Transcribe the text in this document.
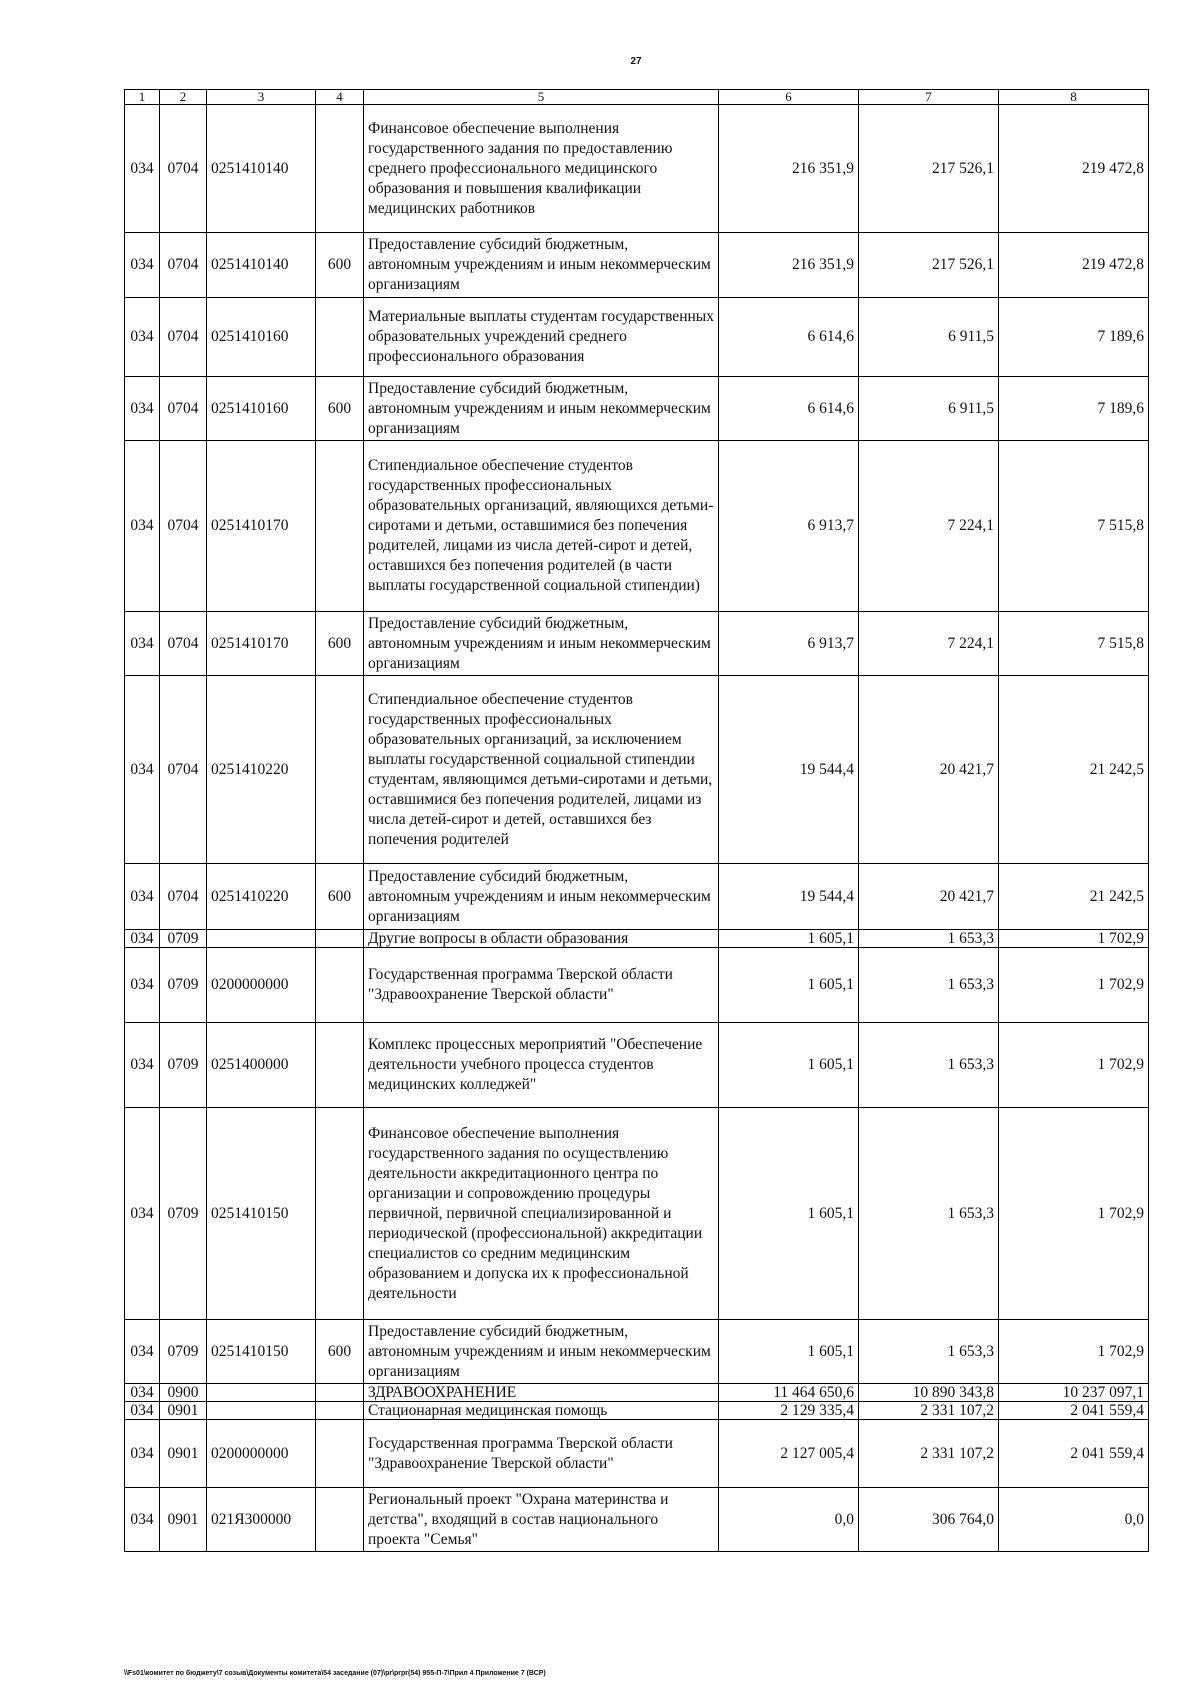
27
1	2	3	4	5	6	7	8
034	0704	0251410140		Финансовое обеспечение выполнения государственного задания по предоставлению среднего профессионального медицинского образования и повышения квалификации медицинских работников	216 351,9	217 526,1	219 472,8
034	0704	0251410140	600	Предоставление субсидий бюджетным, автономным учреждениям и иным некоммерческим организациям	216 351,9	217 526,1	219 472,8
034	0704	0251410160		Материальные выплаты студентам государственных образовательных учреждений среднего профессионального образования	6 614,6	6 911,5	7 189,6
034	0704	0251410160	600	Предоставление субсидий бюджетным, автономным учреждениям и иным некоммерческим организациям	6 614,6	6 911,5	7 189,6
034	0704	0251410170		Стипендиальное обеспечение студентов государственных профессиональных образовательных организаций, являющихся детьми-сиротами и детьми, оставшимися без попечения родителей, лицами из числа детей-сирот и детей, оставшихся без попечения родителей (в части выплаты государственной социальной стипендии)	6 913,7	7 224,1	7 515,8
034	0704	0251410170	600	Предоставление субсидий бюджетным, автономным учреждениям и иным некоммерческим организациям	6 913,7	7 224,1	7 515,8
034	0704	0251410220		Стипендиальное обеспечение студентов государственных профессиональных образовательных организаций, за исключением выплаты государственной социальной стипендии студентам, являющимся детьми-сиротами и детьми, оставшимися без попечения родителей, лицами из числа детей-сирот и детей, оставшихся без попечения родителей	19 544,4	20 421,7	21 242,5
034	0704	0251410220	600	Предоставление субсидий бюджетным, автономным учреждениям и иным некоммерческим организациям	19 544,4	20 421,7	21 242,5
034	0709			Другие вопросы в области образования	1 605,1	1 653,3	1 702,9
034	0709	0200000000		Государственная программа Тверской области "Здравоохранение Тверской области"	1 605,1	1 653,3	1 702,9
034	0709	0251400000		Комплекс процессных мероприятий "Обеспечение деятельности учебного процесса студентов медицинских колледжей"	1 605,1	1 653,3	1 702,9
034	0709	0251410150		Финансовое обеспечение выполнения государственного задания по осуществлению деятельности аккредитационного центра по организации и сопровождению процедуры первичной, первичной специализированной и периодической (профессиональной) аккредитации специалистов со средним медицинским образованием и допуска их к профессиональной деятельности	1 605,1	1 653,3	1 702,9
034	0709	0251410150	600	Предоставление субсидий бюджетным, автономным учреждениям и иным некоммерческим организациям	1 605,1	1 653,3	1 702,9
034	0900			ЗДРАВООХРАНЕНИЕ	11 464 650,6	10 890 343,8	10 237 097,1
034	0901			Стационарная медицинская помощь	2 129 335,4	2 331 107,2	2 041 559,4
034	0901	0200000000		Государственная программа Тверской области "Здравоохранение Тверской области"	2 127 005,4	2 331 107,2	2 041 559,4
034	0901	021Я300000		Региональный проект "Охрана материнства и детства", входящий в состав национального проекта "Семья"	0,0	306 764,0	0,0
\\Fs01\комитет по бюджету\7 созыв\Документы комитета\54 заседание (07)\pr\prpr(54) 955-П-7\Прил 4 Приложение 7 (ВСР)
